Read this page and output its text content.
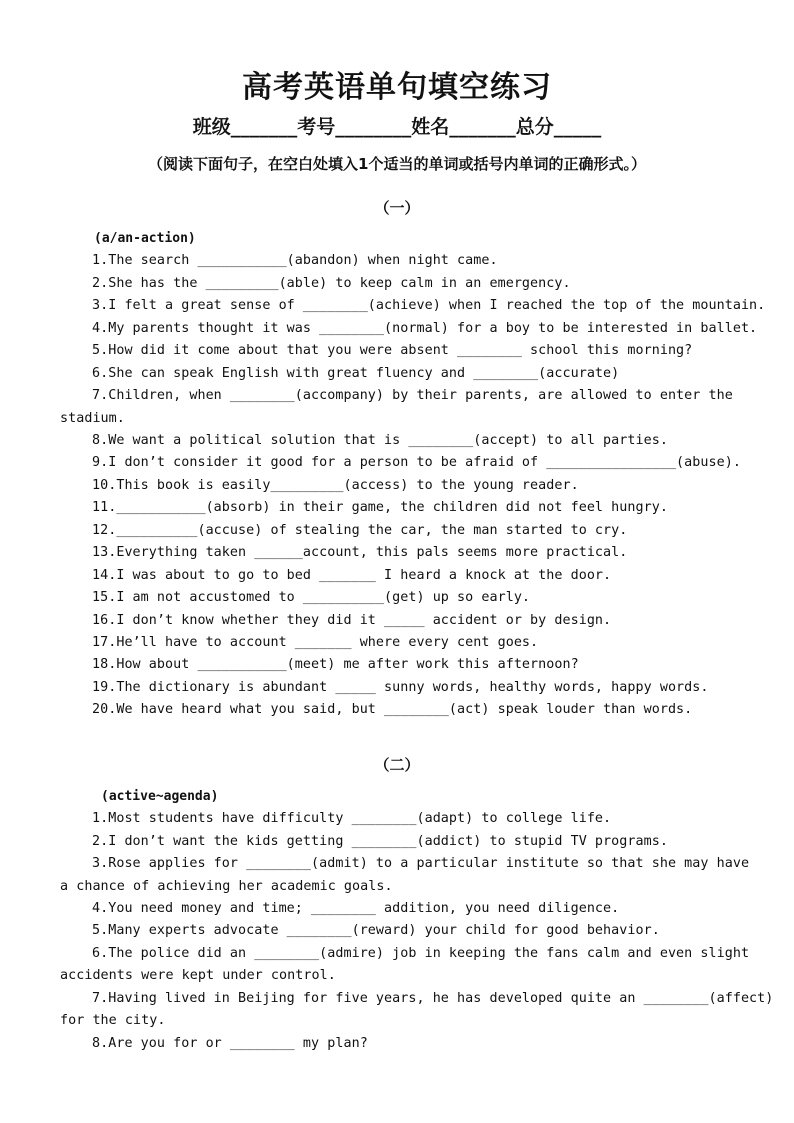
高考英语单句填空练习
班级_______考号________姓名_______总分_____
（阅读下面句子，在空白处填入1个适当的单词或括号内单词的正确形式。）
（一）
(a/an-action)
1.The search ___________(abandon) when night came.
2.She has the _________(able) to keep calm in an emergency.
3.I felt a great sense of ________(achieve) when I reached the top of the mountain.
4.My parents thought it was ________(normal) for a boy to be interested in ballet.
5.How did it come about that you were absent ________ school this morning?
6.She can speak English with great fluency and ________(accurate)
7.Children, when ________(accompany) by their parents, are allowed to enter the
stadium.
8.We want a political solution that is ________(accept) to all parties.
9.I don’t consider it good for a person to be afraid of ________________(abuse).
10.This book is easily_________(access) to the young reader.
11.___________(absorb) in their game, the children did not feel hungry.
12.__________(accuse) of stealing the car, the man started to cry.
13.Everything taken ______account, this pals seems more practical.
14.I was about to go to bed _______ I heard a knock at the door.
15.I am not accustomed to __________(get) up so early.
16.I don’t know whether they did it _____ accident or by design.
17.He’ll have to account _______ where every cent goes.
18.How about ___________(meet) me after work this afternoon?
19.The dictionary is abundant _____ sunny words, healthy words, happy words.
20.We have heard what you said, but ________(act) speak louder than words.
（二）
(active~agenda)
1.Most students have difficulty ________(adapt) to college life.
2.I don’t want the kids getting ________(addict) to stupid TV programs.
3.Rose applies for ________(admit) to a particular institute so that she may have
a chance of achieving her academic goals.
4.You need money and time; ________ addition, you need diligence.
5.Many experts advocate ________(reward) your child for good behavior.
6.The police did an ________(admire) job in keeping the fans calm and even slight
accidents were kept under control.
7.Having lived in Beijing for five years, he has developed quite an ________(affect)
for the city.
8.Are you for or ________ my plan?
